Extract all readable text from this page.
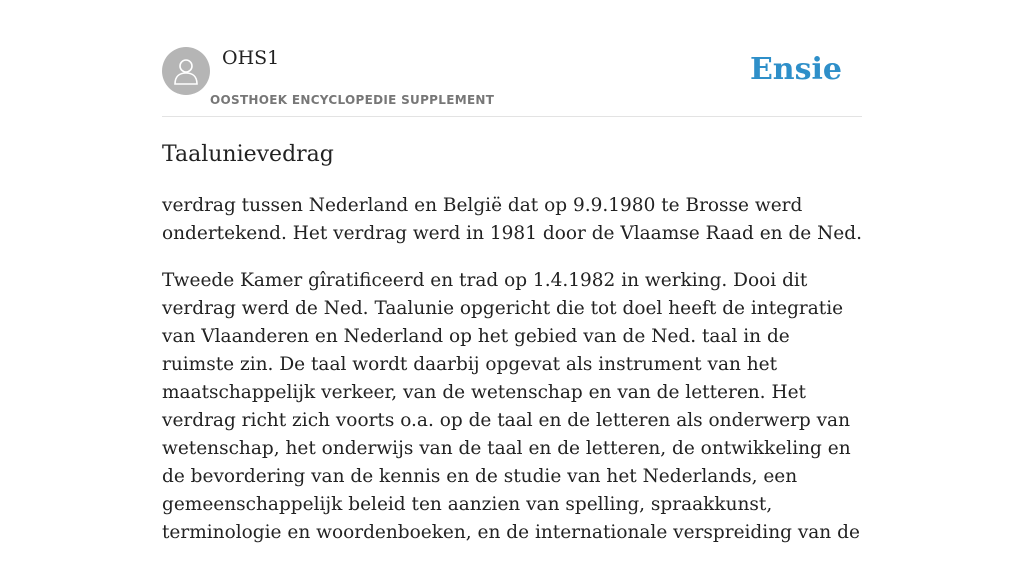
OHS1
OOSTHOEK ENCYCLOPEDIE SUPPLEMENT
Ensie
Taalunievedrag

verdrag tussen Nederland en België dat op 9.9.1980 te Brosse werd ondertekend. Het verdrag werd in 1981 door de Vlaamse Raad en de Ned.

Tweede Kamer gîratificeerd en trad op 1.4.1982 in werking. Dooi dit verdrag werd de Ned. Taalunie opgericht die tot doel heeft de integratie van Vlaanderen en Nederland op het gebied van de Ned. taal in de ruimste zin. De taal wordt daarbij opgevat als instrument van het maatschappelijk verkeer, van de wetenschap en van de letteren. Het verdrag richt zich voorts o.a. op de taal en de letteren als onderwerp van wetenschap, het onderwijs van de taal en de letteren, de ontwikkeling en de bevordering van de kennis en de studie van het Nederlands, een gemeenschappelijk beleid ten aanzien van spelling, spraakkunst, terminologie en woordenboeken, en de internationale verspreiding van de
